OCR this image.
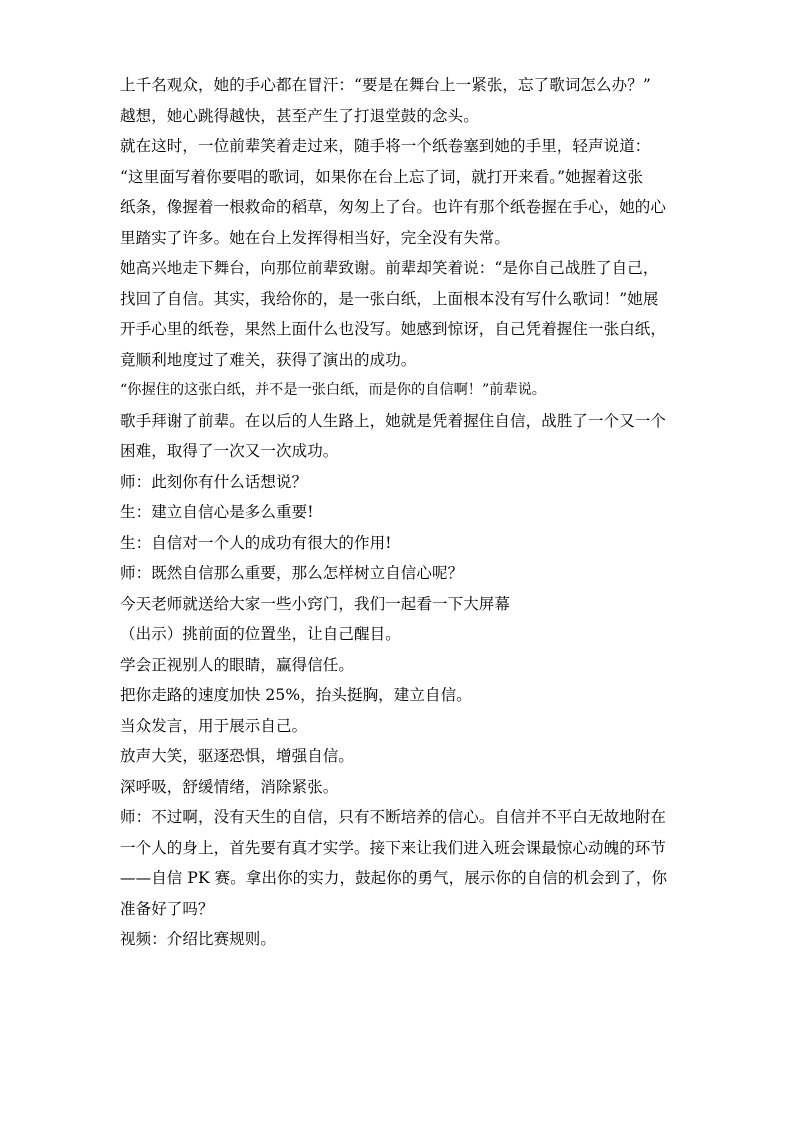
上千名观众，她的手心都在冒汗：“要是在舞台上一紧张，忘了歌词怎么办？”
越想，她心跳得越快，甚至产生了打退堂鼓的念头。
就在这时，一位前辈笑着走过来，随手将一个纸卷塞到她的手里，轻声说道：
“这里面写着你要唱的歌词，如果你在台上忘了词，就打开来看。”她握着这张
纸条，像握着一根救命的稻草，匆匆上了台。也许有那个纸卷握在手心，她的心
里踏实了许多。她在台上发挥得相当好，完全没有失常。
她高兴地走下舞台，向那位前辈致谢。前辈却笑着说：“是你自己战胜了自己，
找回了自信。其实，我给你的，是一张白纸，上面根本没有写什么歌词！”她展
开手心里的纸卷，果然上面什么也没写。她感到惊讶，自己凭着握住一张白纸，
竟顺利地度过了难关，获得了演出的成功。
“你握住的这张白纸，并不是一张白纸，而是你的自信啊！”前辈说。
歌手拜谢了前辈。在以后的人生路上，她就是凭着握住自信，战胜了一个又一个
困难，取得了一次又一次成功。
师：此刻你有什么话想说？
生：建立自信心是多么重要!
生：自信对一个人的成功有很大的作用!
师：既然自信那么重要，那么怎样树立自信心呢？
今天老师就送给大家一些小窍门，我们一起看一下大屏幕
（出示）挑前面的位置坐，让自己醒目。
学会正视别人的眼睛，赢得信任。
把你走路的速度加快 25%，抬头挺胸，建立自信。
当众发言，用于展示自己。
放声大笑，驱逐恐惧，增强自信。
深呼吸，舒缓情绪，消除紧张。
师：不过啊，没有天生的自信，只有不断培养的信心。自信并不平白无故地附在
一个人的身上，首先要有真才实学。接下来让我们进入班会课最惊心动魄的环节
——自信 PK 赛。拿出你的实力，鼓起你的勇气，展示你的自信的机会到了，你
准备好了吗？
视频：介绍比赛规则。
